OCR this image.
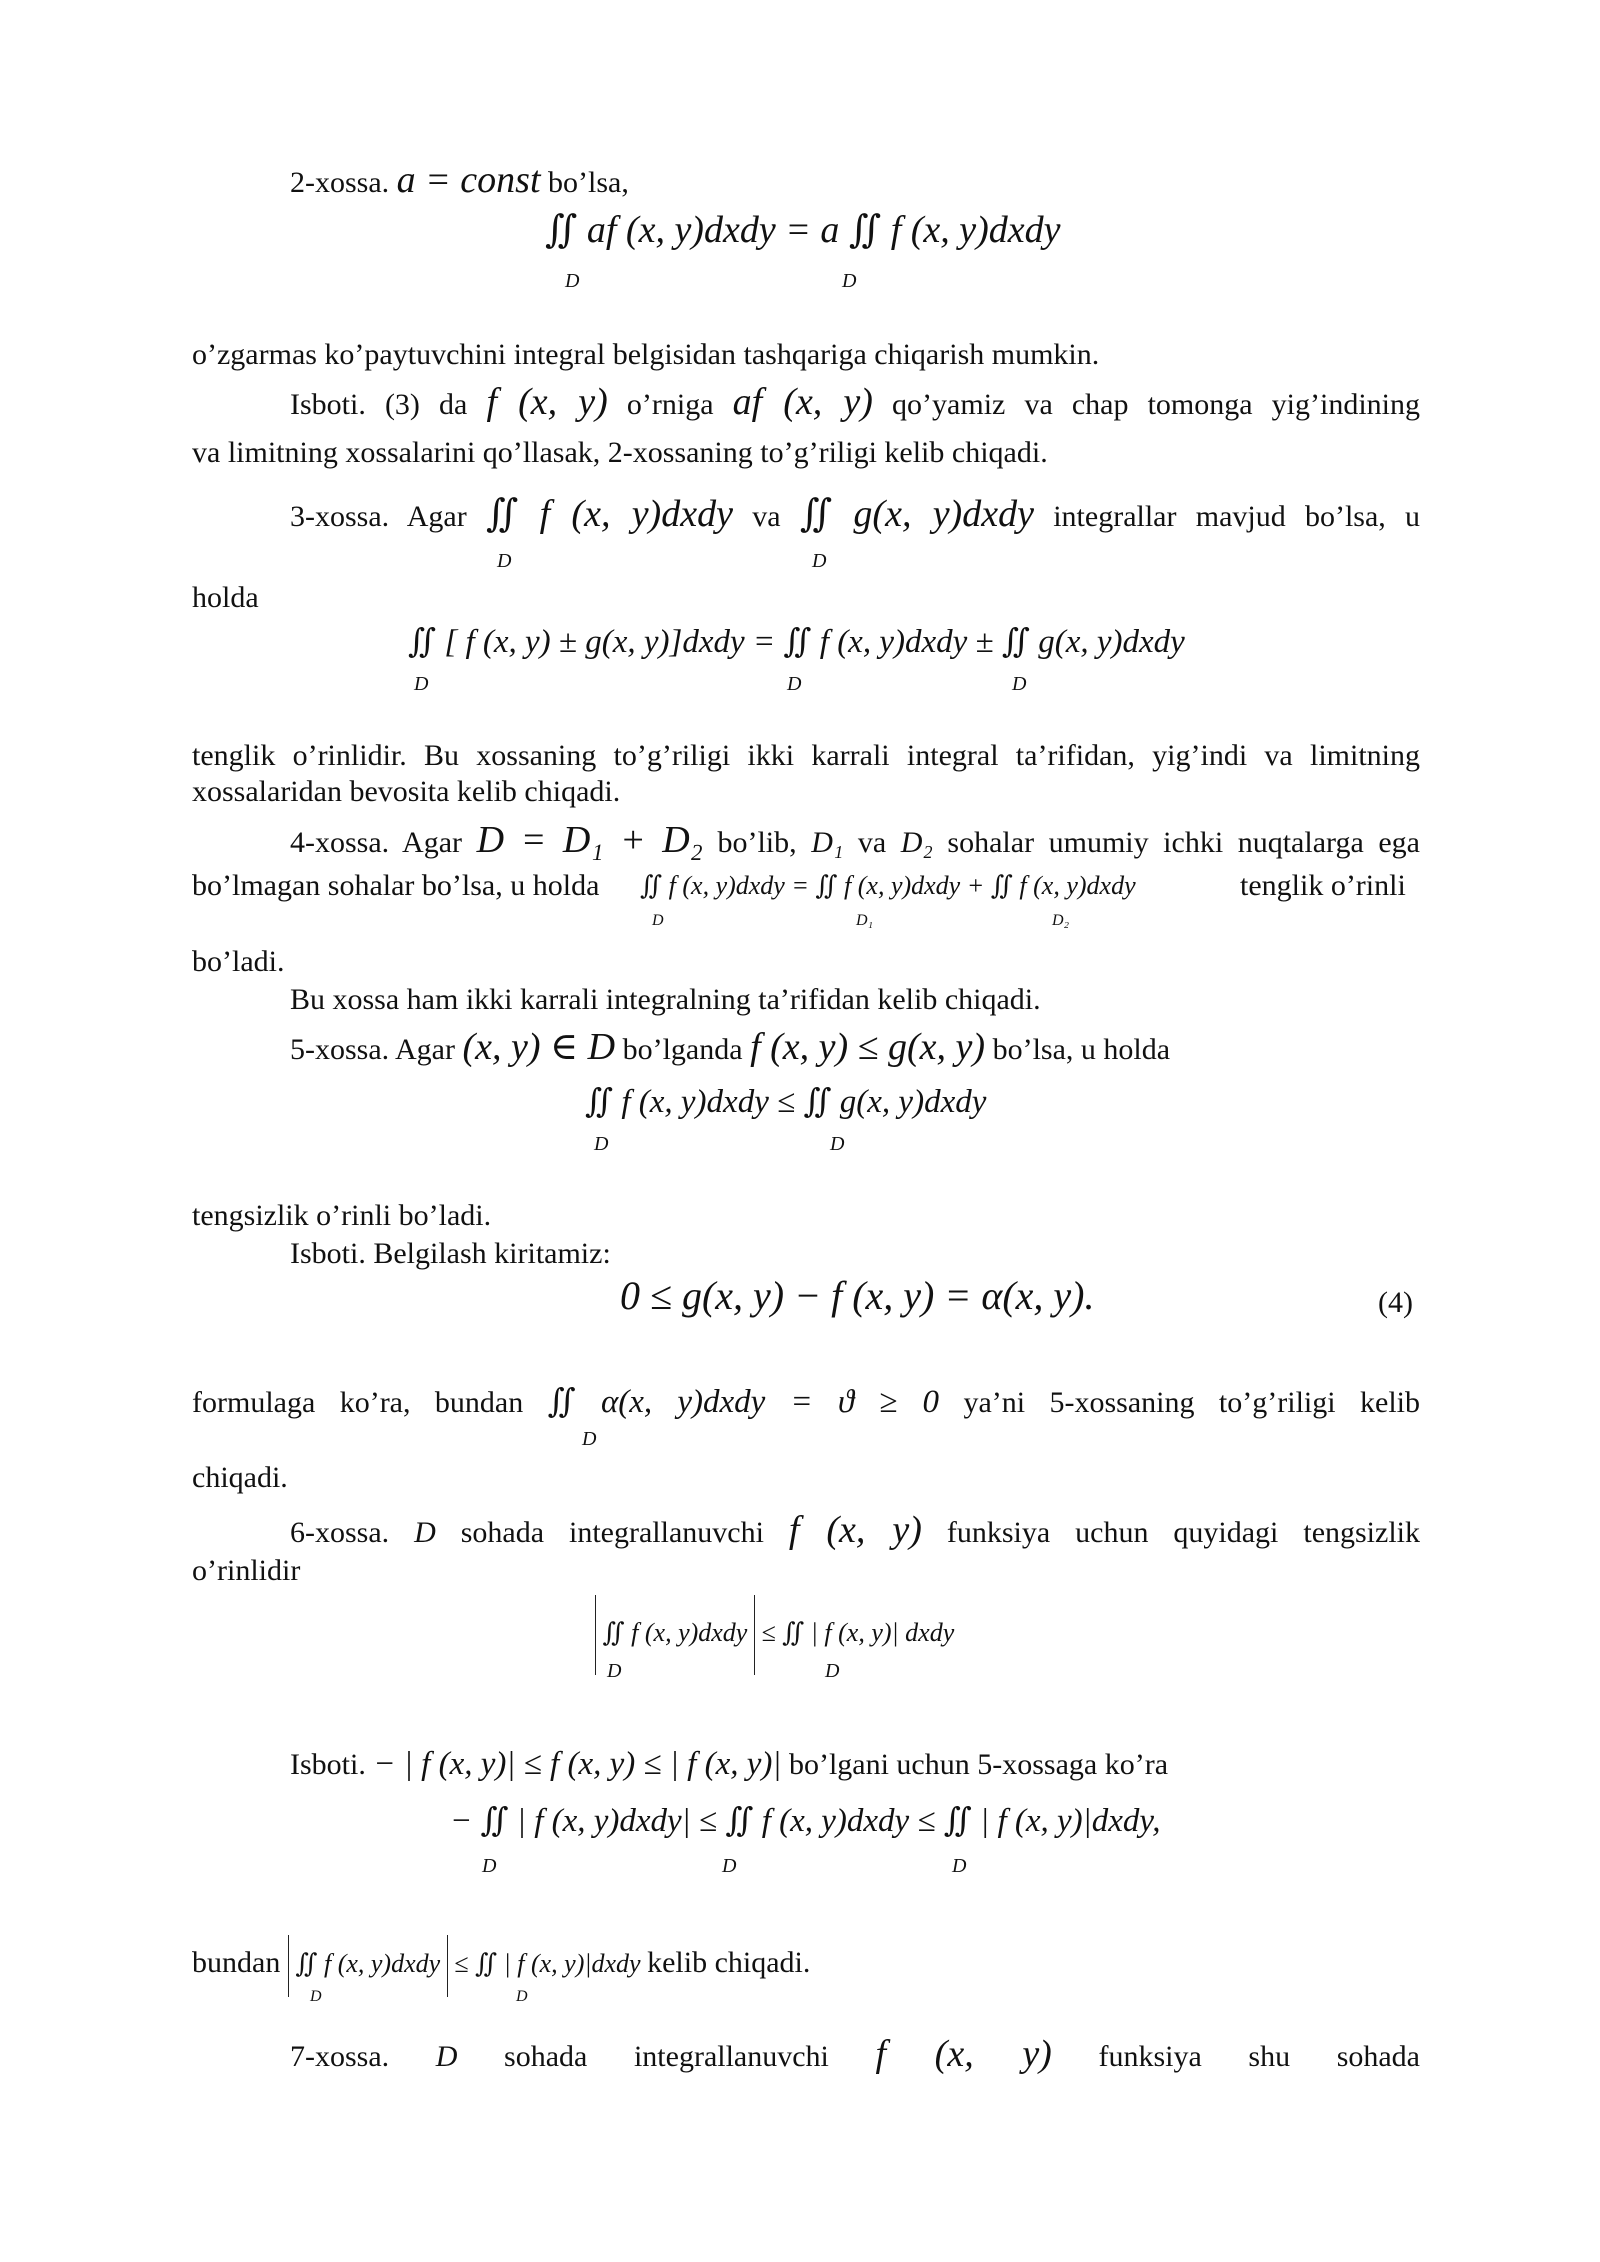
2-xossa. a = const bo’lsa,
∬ af (x, y)dxdy = a ∬ f (x, y)dxdy
D	D
o’zgarmas ko’paytuvchini integral belgisidan tashqariga chiqarish mumkin.
Isboti. (3) da f (x, y) o’rniga af (x, y) qo’yamiz va chap tomonga yig’indining
va limitning xossalarini qo’llasak, 2-xossaning to’g’riligi kelib chiqadi.
3-xossa. Agar ∬ f (x, y)dxdy va ∬ g(x, y)dxdy integrallar mavjud bo’lsa, u
D	D
holda
∬ [ f (x, y) ± g(x, y)]dxdy = ∬ f (x, y)dxdy ± ∬ g(x, y)dxdy
D	D	D
tenglik o’rinlidir. Bu xossaning to’g’riligi ikki karrali integral ta’rifidan, yig’indi va limitning
xossalaridan bevosita kelib chiqadi.
4-xossa. Agar D = D₁ + D₂ bo’lib, D₁ va D₂ sohalar umumiy ichki nuqtalarga ega
bo’lmagan sohalar bo’lsa, u holda ∬ f (x, y)dxdy = ∬ f (x, y)dxdy + ∬ f (x, y)dxdy	tenglik o’rinli
D	D₁	D₂
bo’ladi.
Bu xossa ham ikki karrali integralning ta’rifidan kelib chiqadi.
5-xossa. Agar (x, y) ∈ D bo’lganda f (x, y) ≤ g(x, y) bo’lsa, u holda
∬ f (x, y)dxdy ≤ ∬ g(x, y)dxdy
D	D
tengsizlik o’rinli bo’ladi.
Isboti. Belgilash kiritamiz:
0 ≤ g(x, y) − f (x, y) = α(x, y).	(4)
formulaga ko’ra, bundan ∬ α(x, y)dxdy = ϑ ≥ 0 ya’ni 5-xossaning to’g’riligi kelib
D
chiqadi.
6-xossa. D sohada integrallanuvchi f (x, y) funksiya uchun quyidagi tengsizlik
o’rinlidir
∬ f (x, y)dxdy ≤ ∬ | f (x, y)| dxdy
D	D
Isboti. − | f (x, y)| ≤ f (x, y) ≤ | f (x, y)| bo’lgani uchun 5-xossaga ko’ra
− ∬ | f (x, y)dxdy| ≤ ∬ f (x, y)dxdy ≤ ∬ | f (x, y)|dxdy,
D	D	D
bundan ∬ f (x, y)dxdy ≤ ∬ | f (x, y)|dxdy kelib chiqadi.
D	D
7-xossa. D sohada integrallanuvchi f (x, y) funksiya shu sohada
